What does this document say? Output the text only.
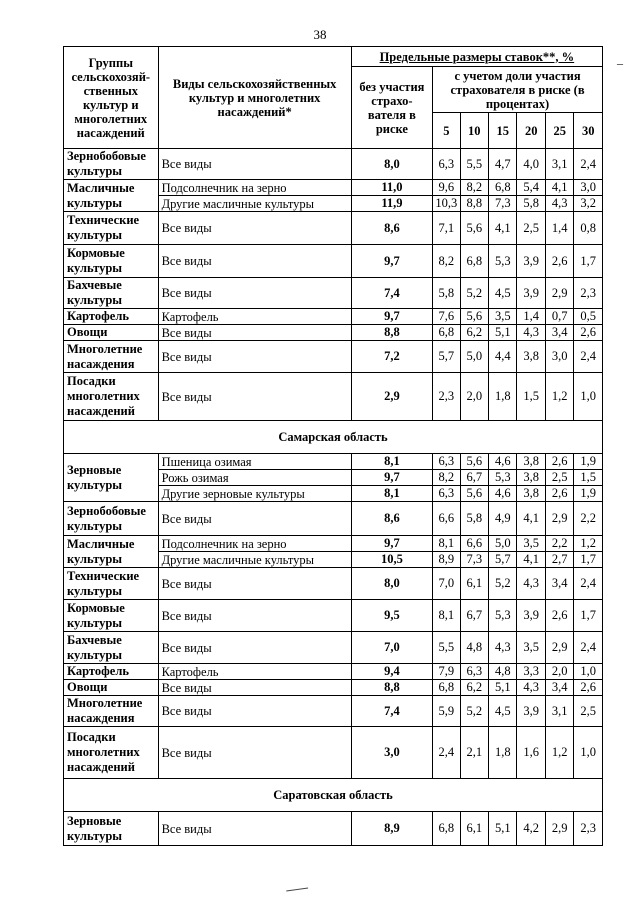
38
–
Группы сельскохозяй-ственных культур и многолетних насаждений	Виды сельскохозяйственных культур и многолетних насаждений*	Предельные размеры ставок**, %						
		без участия страхо-вателя в риске	с учетом доли участия страхователя в риске (в процентах)					
			5	10	15	20	25	30
Зернобобовые культуры	Все виды	8,0	6,3	5,5	4,7	4,0	3,1	2,4
Масличные культуры	Подсолнечник на зерно	11,0	9,6	8,2	6,8	5,4	4,1	3,0
	Другие масличные культуры	11,9	10,3	8,8	7,3	5,8	4,3	3,2
Технические культуры	Все виды	8,6	7,1	5,6	4,1	2,5	1,4	0,8
Кормовые культуры	Все виды	9,7	8,2	6,8	5,3	3,9	2,6	1,7
Бахчевые культуры	Все виды	7,4	5,8	5,2	4,5	3,9	2,9	2,3
Картофель	Картофель	9,7	7,6	5,6	3,5	1,4	0,7	0,5
Овощи	Все виды	8,8	6,8	6,2	5,1	4,3	3,4	2,6
Многолетние насаждения	Все виды	7,2	5,7	5,0	4,4	3,8	3,0	2,4
Посадки многолетних насаждений	Все виды	2,9	2,3	2,0	1,8	1,5	1,2	1,0
Самарская область								
Зерновые культуры	Пшеница озимая	8,1	6,3	5,6	4,6	3,8	2,6	1,9
	Рожь озимая	9,7	8,2	6,7	5,3	3,8	2,5	1,5
	Другие зерновые культуры	8,1	6,3	5,6	4,6	3,8	2,6	1,9
Зернобобовые культуры	Все виды	8,6	6,6	5,8	4,9	4,1	2,9	2,2
Масличные культуры	Подсолнечник на зерно	9,7	8,1	6,6	5,0	3,5	2,2	1,2
	Другие масличные культуры	10,5	8,9	7,3	5,7	4,1	2,7	1,7
Технические культуры	Все виды	8,0	7,0	6,1	5,2	4,3	3,4	2,4
Кормовые культуры	Все виды	9,5	8,1	6,7	5,3	3,9	2,6	1,7
Бахчевые культуры	Все виды	7,0	5,5	4,8	4,3	3,5	2,9	2,4
Картофель	Картофель	9,4	7,9	6,3	4,8	3,3	2,0	1,0
Овощи	Все виды	8,8	6,8	6,2	5,1	4,3	3,4	2,6
Многолетние насаждения	Все виды	7,4	5,9	5,2	4,5	3,9	3,1	2,5
Посадки многолетних насаждений	Все виды	3,0	2,4	2,1	1,8	1,6	1,2	1,0
Саратовская область								
Зерновые культуры	Все виды	8,9	6,8	6,1	5,1	4,2	2,9	2,3
